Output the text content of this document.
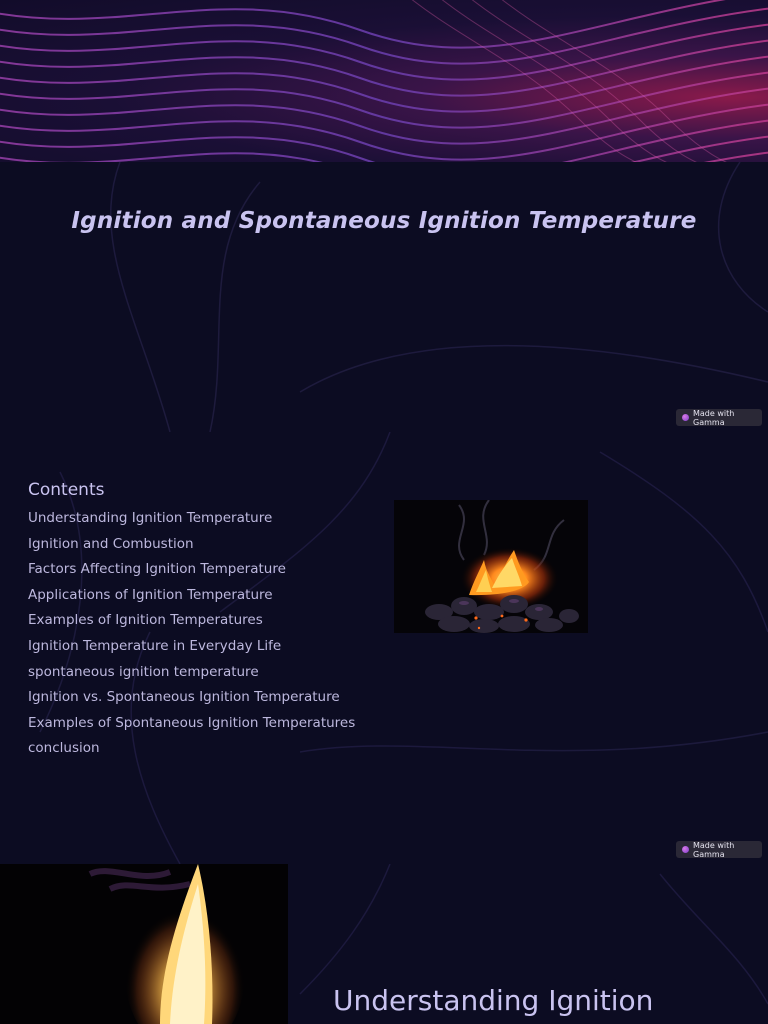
Ignition and Spontaneous Ignition Temperature
Made with Gamma
Contents
Understanding Ignition Temperature
Ignition and Combustion
Factors Affecting Ignition Temperature
Applications of Ignition Temperature
Examples of Ignition Temperatures
Ignition Temperature in Everyday Life
spontaneous ignition temperature
Ignition vs. Spontaneous Ignition Temperature
Examples of Spontaneous Ignition Temperatures
conclusion
Made with Gamma
Understanding Ignition
